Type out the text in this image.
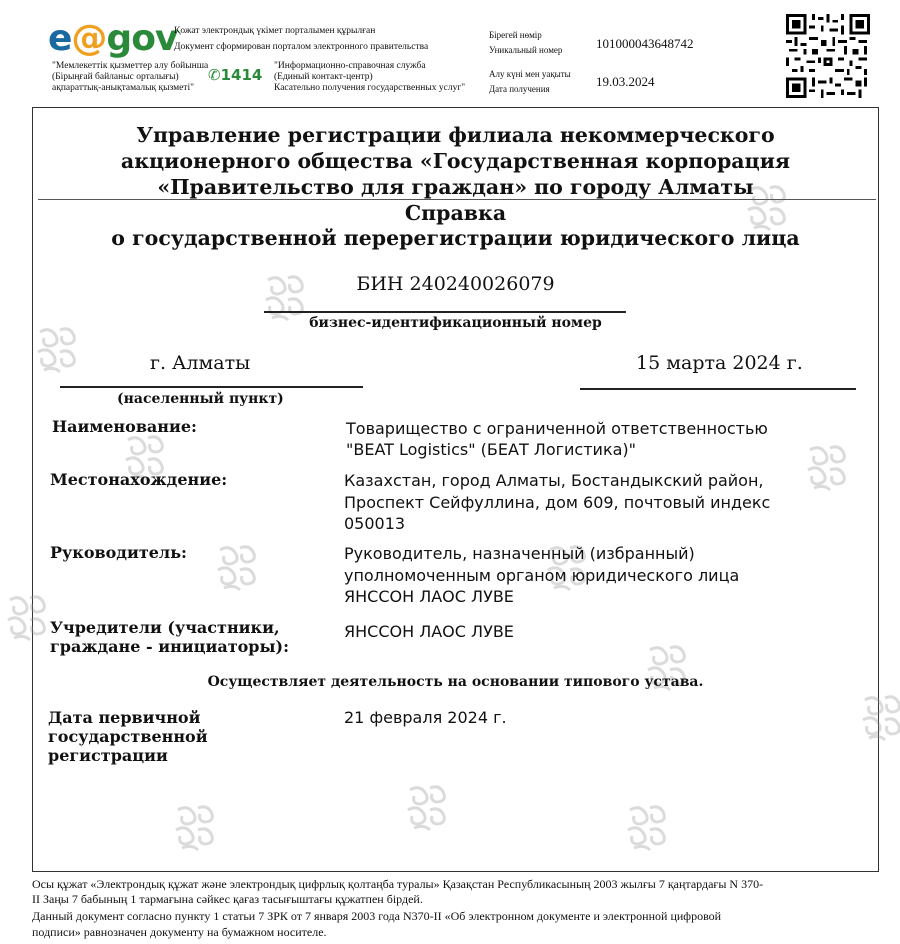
e@gov
Қожат электрондық үкімет порталымен құрылған
Документ сформирован порталом электронного правительства
"Мемлекеттік қызметтер алу бойынша
(Бірыңғай байланыс орталығы)
ақпараттық-анықтамалық қызметі"
✆1414 "Информационно-справочная служба
(Единый контакт-центр)
Касательно получения государственных услуг"
Бірегей нөмір
Уникальный номер	101000043648742
Алу күні мен уақыты
Дата получения	19.03.2024
Управление регистрации филиала некоммерческого
акционерного общества «Государственная корпорация
«Правительство для граждан» по городу Алматы
Справка
о государственной перерегистрации юридического лица
БИН 240240026079
бизнес-идентификационный номер
г. Алматы
(населенный пункт)
15 марта 2024 г.
Наименование:	Товарищество с ограниченной ответственностью
"BEAT Logistics" (БЕАТ Логистика)"
Местонахождение:	Казахстан, город Алматы, Бостандыкский район,
Проспект Сейфуллина, дом 609, почтовый индекс
050013
Руководитель:	Руководитель, назначенный (избранный)
уполномоченным органом юридического лица
ЯНССОН ЛАОС ЛУВЕ
Учредители (участники,
граждане - инициаторы):
ЯНССОН ЛАОС ЛУВЕ
Осуществляет деятельность на основании типового устава.
Дата первичной
государственной
регистрации
21 февраля 2024 г.
Осы құжат «Электрондық құжат және электрондық цифрлық қолтаңба туралы» Қазақстан Республикасының 2003 жылғы 7 қаңтардағы N 370-
II Заңы 7 бабының 1 тармағына сәйкес қағаз тасығыштағы құжатпен бірдей.
Данный документ согласно пункту 1 статьи 7 ЗРК от 7 января 2003 года N370-II «Об электронном документе и электронной цифровой
подписи» равнозначен документу на бумажном носителе.
